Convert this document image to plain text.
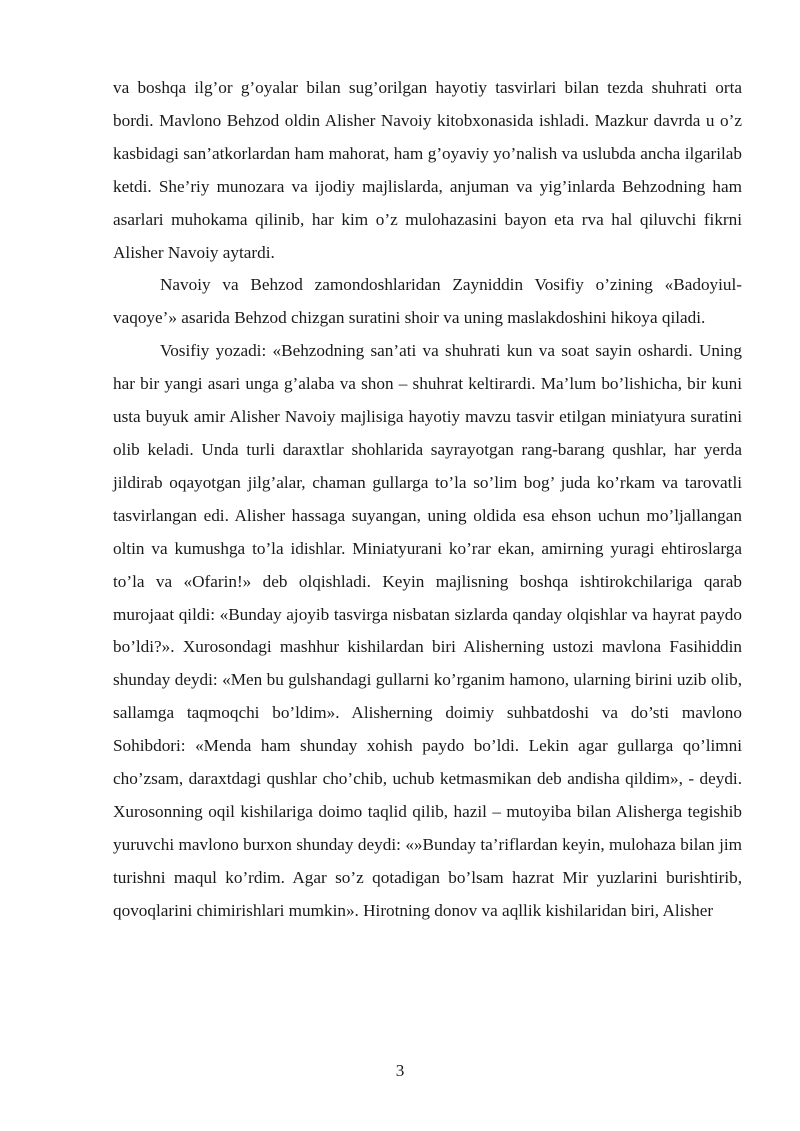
va boshqa ilg’or g’oyalar bilan sug’orilgan hayotiy tasvirlari bilan tezda shuhrati orta bordi. Mavlono Behzod oldin Alisher Navoiy kitobxonasida ishladi. Mazkur davrda u o’z kasbidagi san’atkorlardan ham mahorat, ham g’oyaviy yo’nalish va uslubda ancha ilgarilab ketdi. She’riy munozara va ijodiy majlislarda, anjuman va yig’inlarda Behzodning ham asarlari muhokama qilinib, har kim o’z mulohazasini bayon eta rva hal qiluvchi fikrni Alisher Navoiy aytardi.

Navoiy va Behzod zamondoshlaridan Zayniddin Vosifiy o’zining «Badoyiul-vaqoye’» asarida Behzod chizgan suratini shoir va uning maslakdoshini hikoya qiladi.

Vosifiy yozadi: «Behzodning san’ati va shuhrati kun va soat sayin oshardi. Uning har bir yangi asari unga g’alaba va shon – shuhrat keltirardi. Ma’lum bo’lishicha, bir kuni usta buyuk amir Alisher Navoiy majlisiga hayotiy mavzu tasvir etilgan miniatyura suratini olib keladi. Unda turli daraxtlar shohlarida sayrayotgan rang-barang qushlar, har yerda jildirab oqayotgan jilg’alar, chaman gullarga to’la so’lim bog’ juda ko’rkam va tarovatli tasvirlangan edi. Alisher hassaga suyangan, uning oldida esa ehson uchun mo’ljallangan oltin va kumushga to’la idishlar. Miniatyurani ko’rar ekan, amirning yuragi ehtiroslarga to’la va «Ofarin!» deb olqishladi. Keyin majlisning boshqa ishtirokchilariga qarab murojaat qildi: «Bunday ajoyib tasvirga nisbatan sizlarda qanday olqishlar va hayrat paydo bo’ldi?». Xurosondagi mashhur kishilardan biri Alisherning ustozi mavlona Fasihiddin shunday deydi: «Men bu gulshandagi gullarni ko’rganim hamono, ularning birini uzib olib, sallamga taqmoqchi bo’ldim». Alisherning doimiy suhbatdoshi va do’sti mavlono Sohibdori: «Menda ham shunday xohish paydo bo’ldi. Lekin agar gullarga qo’limni cho’zsam, daraxtdagi qushlar cho’chib, uchub ketmasmikan deb andisha qildim», - deydi. Xurosonning oqil kishilariga doimo taqlid qilib, hazil – mutoyiba bilan Alisherga tegishib yuruvchi mavlono burxon shunday deydi: «»Bunday ta’riflardan keyin, mulohaza bilan jim turishni maqul ko’rdim. Agar so’z qotadigan bo’lsam hazrat Mir yuzlarini burishtirib, qovoqlarini chimirishlari mumkin». Hirotning donov va aqllik kishilaridan biri, Alisher

3
